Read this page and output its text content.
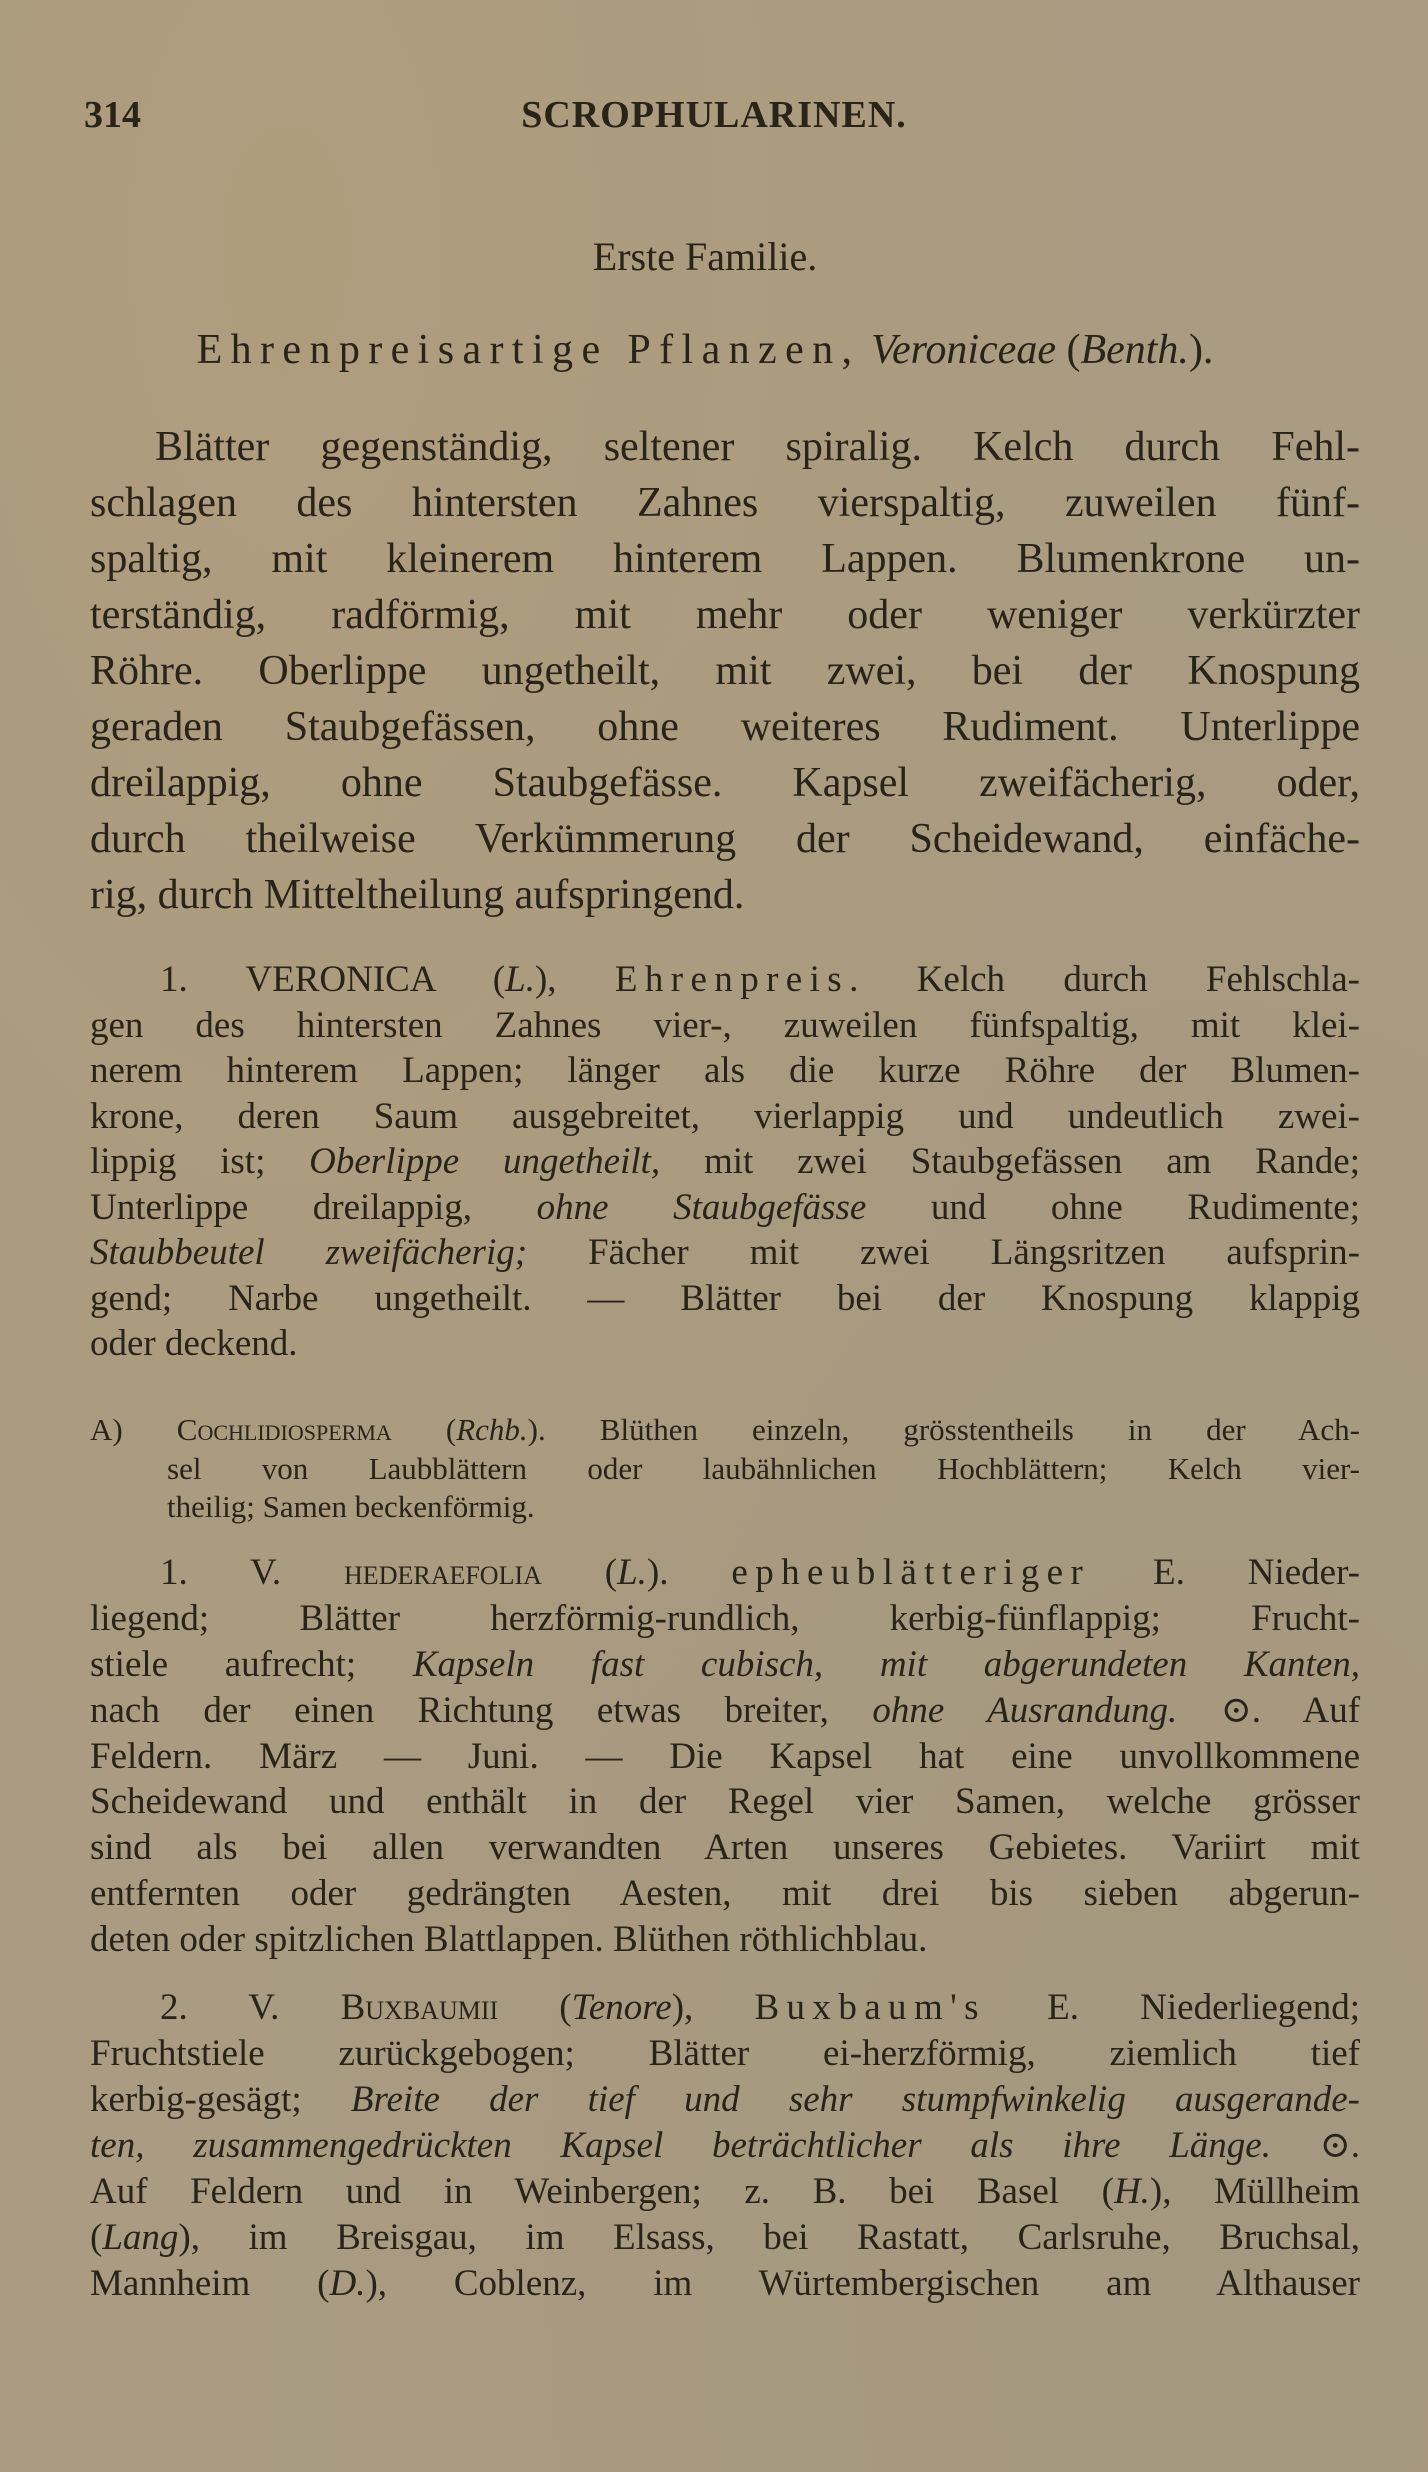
314	SCROPHULARINEN.
Erste Familie.
Ehrenpreisartige Pflanzen, Veroniceae (Benth.).
Blätter gegenständig, seltener spiralig. Kelch durch Fehl-
schlagen des hintersten Zahnes vierspaltig, zuweilen fünf-
spaltig, mit kleinerem hinterem Lappen. Blumenkrone un-
terständig, radförmig, mit mehr oder weniger verkürzter
Röhre. Oberlippe ungetheilt, mit zwei, bei der Knospung
geraden Staubgefässen, ohne weiteres Rudiment. Unterlippe
dreilappig, ohne Staubgefässe. Kapsel zweifächerig, oder,
durch theilweise Verkümmerung der Scheidewand, einfäche-
rig, durch Mitteltheilung aufspringend.
1. VERONICA (L.), Ehrenpreis. Kelch durch Fehlschla-
gen des hintersten Zahnes vier-, zuweilen fünfspaltig, mit klei-
nerem hinterem Lappen; länger als die kurze Röhre der Blumen-
krone, deren Saum ausgebreitet, vierlappig und undeutlich zwei-
lippig ist; Oberlippe ungetheilt, mit zwei Staubgefässen am Rande;
Unterlippe dreilappig, ohne Staubgefässe und ohne Rudimente;
Staubbeutel zweifächerig; Fächer mit zwei Längsritzen aufsprin-
gend; Narbe ungetheilt. — Blätter bei der Knospung klappig
oder deckend.
A) Cochlidiosperma (Rchb.). Blüthen einzeln, grösstentheils in der Ach-
sel von Laubblättern oder laubähnlichen Hochblättern; Kelch vier-
theilig; Samen beckenförmig.
1. V. hederaefolia (L.). epheublätteriger E. Nieder-
liegend; Blätter herzförmig-rundlich, kerbig-fünflappig; Frucht-
stiele aufrecht; Kapseln fast cubisch, mit abgerundeten Kanten,
nach der einen Richtung etwas breiter, ohne Ausrandung. ⊙. Auf
Feldern. März — Juni. — Die Kapsel hat eine unvollkommene
Scheidewand und enthält in der Regel vier Samen, welche grösser
sind als bei allen verwandten Arten unseres Gebietes. Variirt mit
entfernten oder gedrängten Aesten, mit drei bis sieben abgerun-
deten oder spitzlichen Blattlappen. Blüthen röthlichblau.
2. V. Buxbaumii (Tenore), Buxbaum's E. Niederliegend;
Fruchtstiele zurückgebogen; Blätter ei-herzförmig, ziemlich tief
kerbig-gesägt; Breite der tief und sehr stumpfwinkelig ausgerande-
ten, zusammengedrückten Kapsel beträchtlicher als ihre Länge. ⊙.
Auf Feldern und in Weinbergen; z. B. bei Basel (H.), Müllheim
(Lang), im Breisgau, im Elsass, bei Rastatt, Carlsruhe, Bruchsal,
Mannheim (D.), Coblenz, im Würtembergischen am Althauser
